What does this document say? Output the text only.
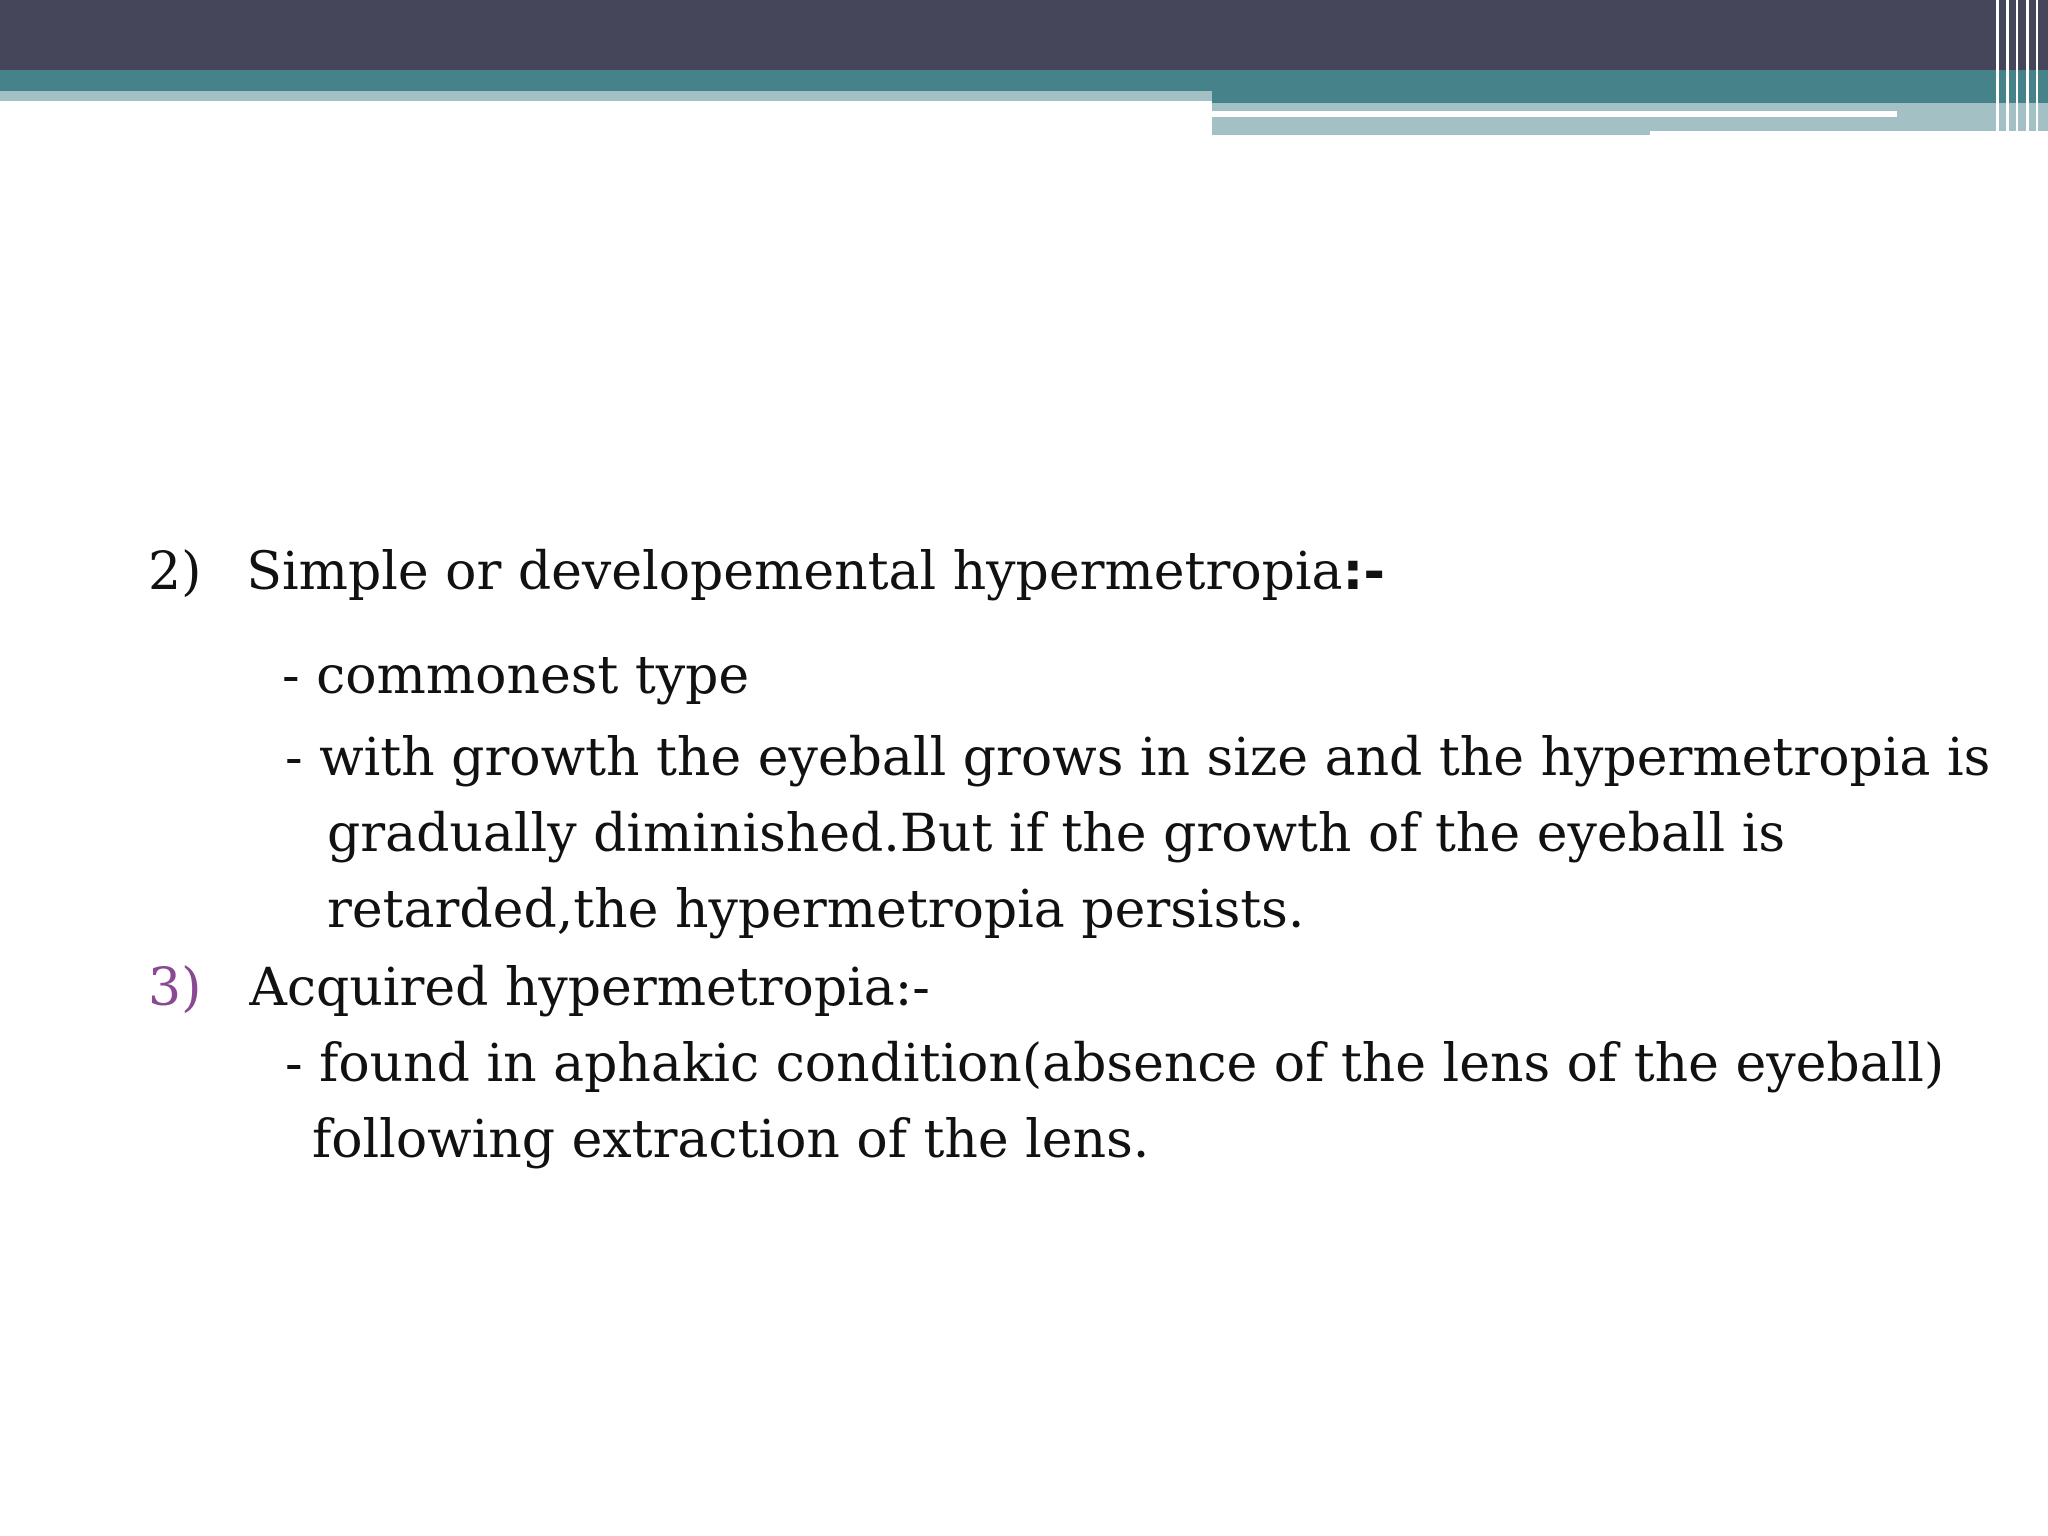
2) Simple or developemental hypermetropia:-
- commonest type
- with growth the eyeball grows in size and the hypermetropia is
gradually diminished.But if the growth of the eyeball is
retarded,the hypermetropia persists.
3) Acquired hypermetropia:-
- found in aphakic condition(absence of the lens of the eyeball)
following extraction of the lens.
